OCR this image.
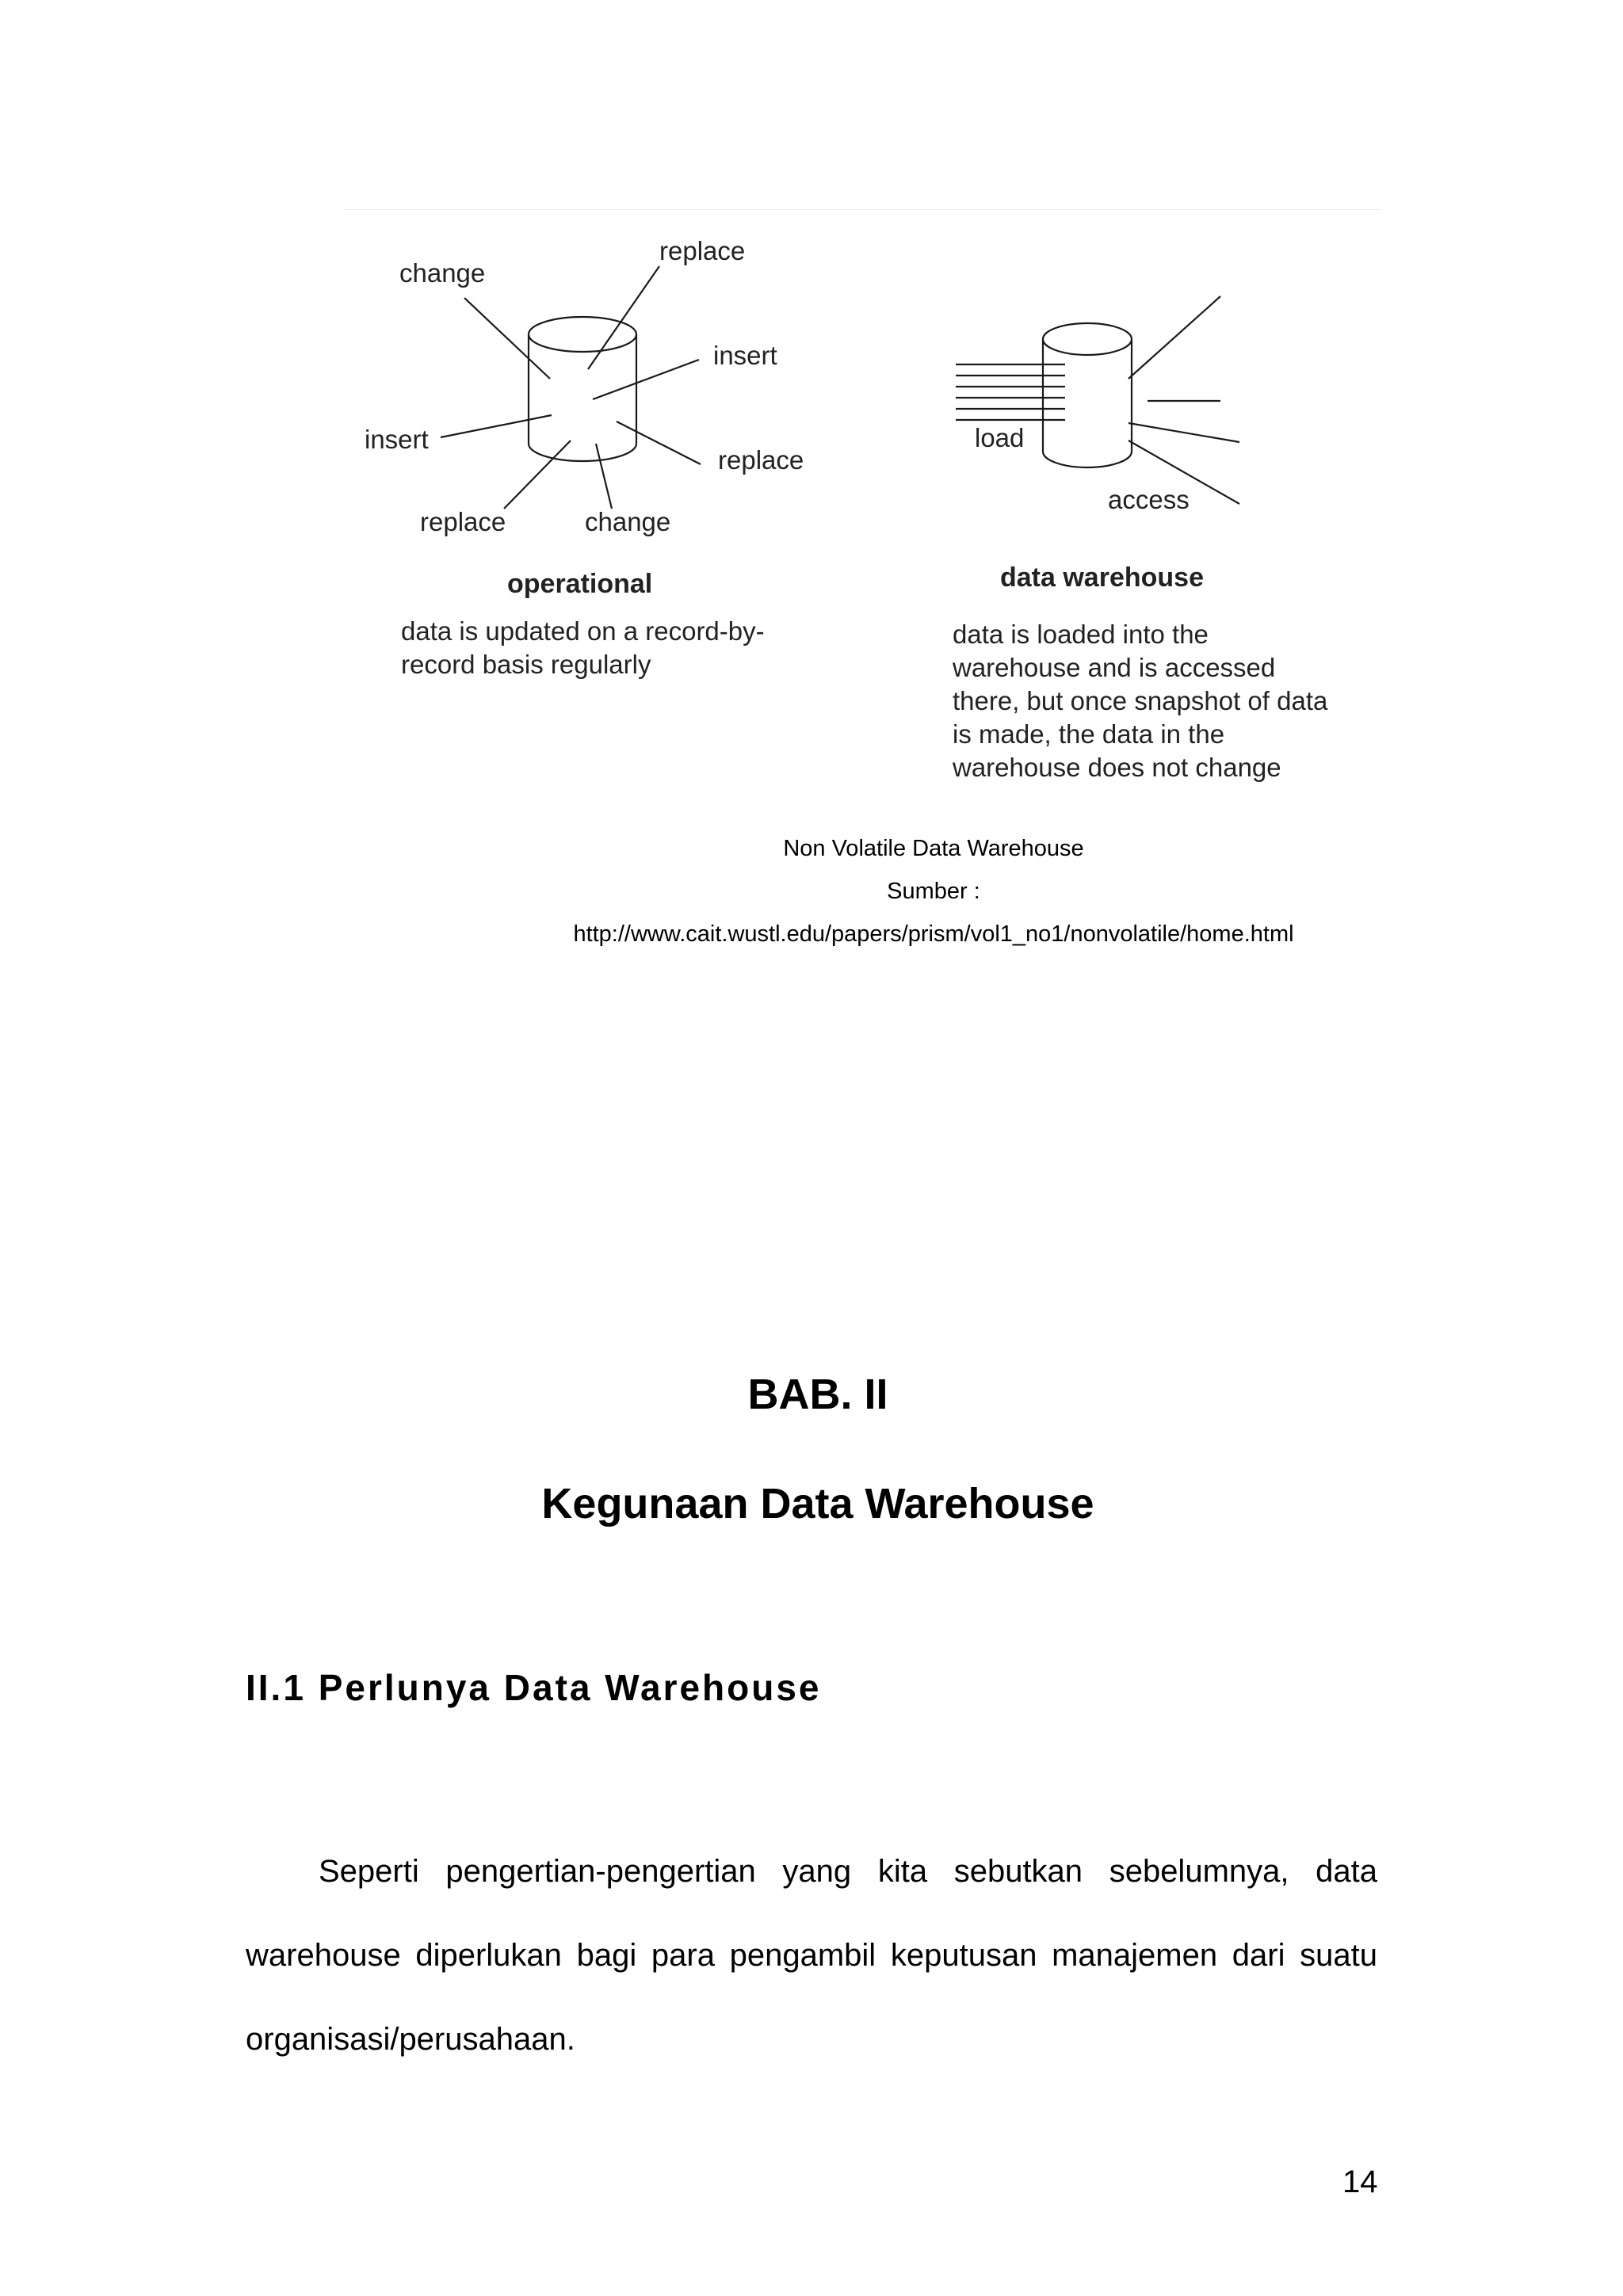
change
replace
insert
insert
replace
replace	change
operational
data is updated on a record-by-
record basis regularly
load
access
data warehouse
data is loaded into the
warehouse and is accessed
there, but once snapshot of data
is made, the data in the
warehouse does not change
Non Volatile Data Warehouse
Sumber :
http://www.cait.wustl.edu/papers/prism/vol1_no1/nonvolatile/home.html
BAB. II
Kegunaan Data Warehouse
II.1 Perlunya Data Warehouse
Seperti pengertian-pengertian yang kita sebutkan sebelumnya, data
warehouse diperlukan bagi para pengambil keputusan manajemen dari suatu
organisasi/perusahaan.
14
